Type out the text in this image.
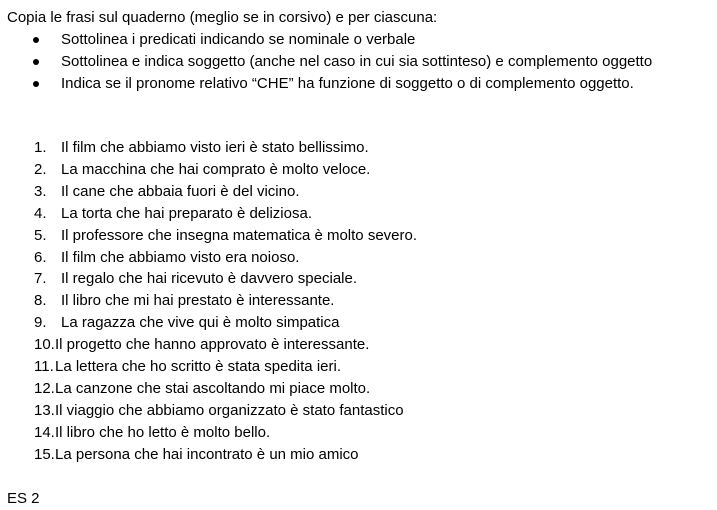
Copia le frasi sul quaderno (meglio se in corsivo) e per ciascuna:
Sottolinea i predicati indicando se nominale o verbale
Sottolinea e indica soggetto (anche nel caso in cui sia sottinteso) e complemento oggetto
Indica se il pronome relativo “CHE” ha funzione di soggetto o di complemento oggetto.
1. Il film che abbiamo visto ieri è stato bellissimo.
2. La macchina che hai comprato è molto veloce.
3. Il cane che abbaia fuori è del vicino.
4. La torta che hai preparato è deliziosa.
5. Il professore che insegna matematica è molto severo.
6. Il film che abbiamo visto era noioso.
7. Il regalo che hai ricevuto è davvero speciale.
8. Il libro che mi hai prestato è interessante.
9. La ragazza che vive qui è molto simpatica
10.Il progetto che hanno approvato è interessante.
11.La lettera che ho scritto è stata spedita ieri.
12.La canzone che stai ascoltando mi piace molto.
13.Il viaggio che abbiamo organizzato è stato fantastico
14.Il libro che ho letto è molto bello.
15.La persona che hai incontrato è un mio amico
ES 2
